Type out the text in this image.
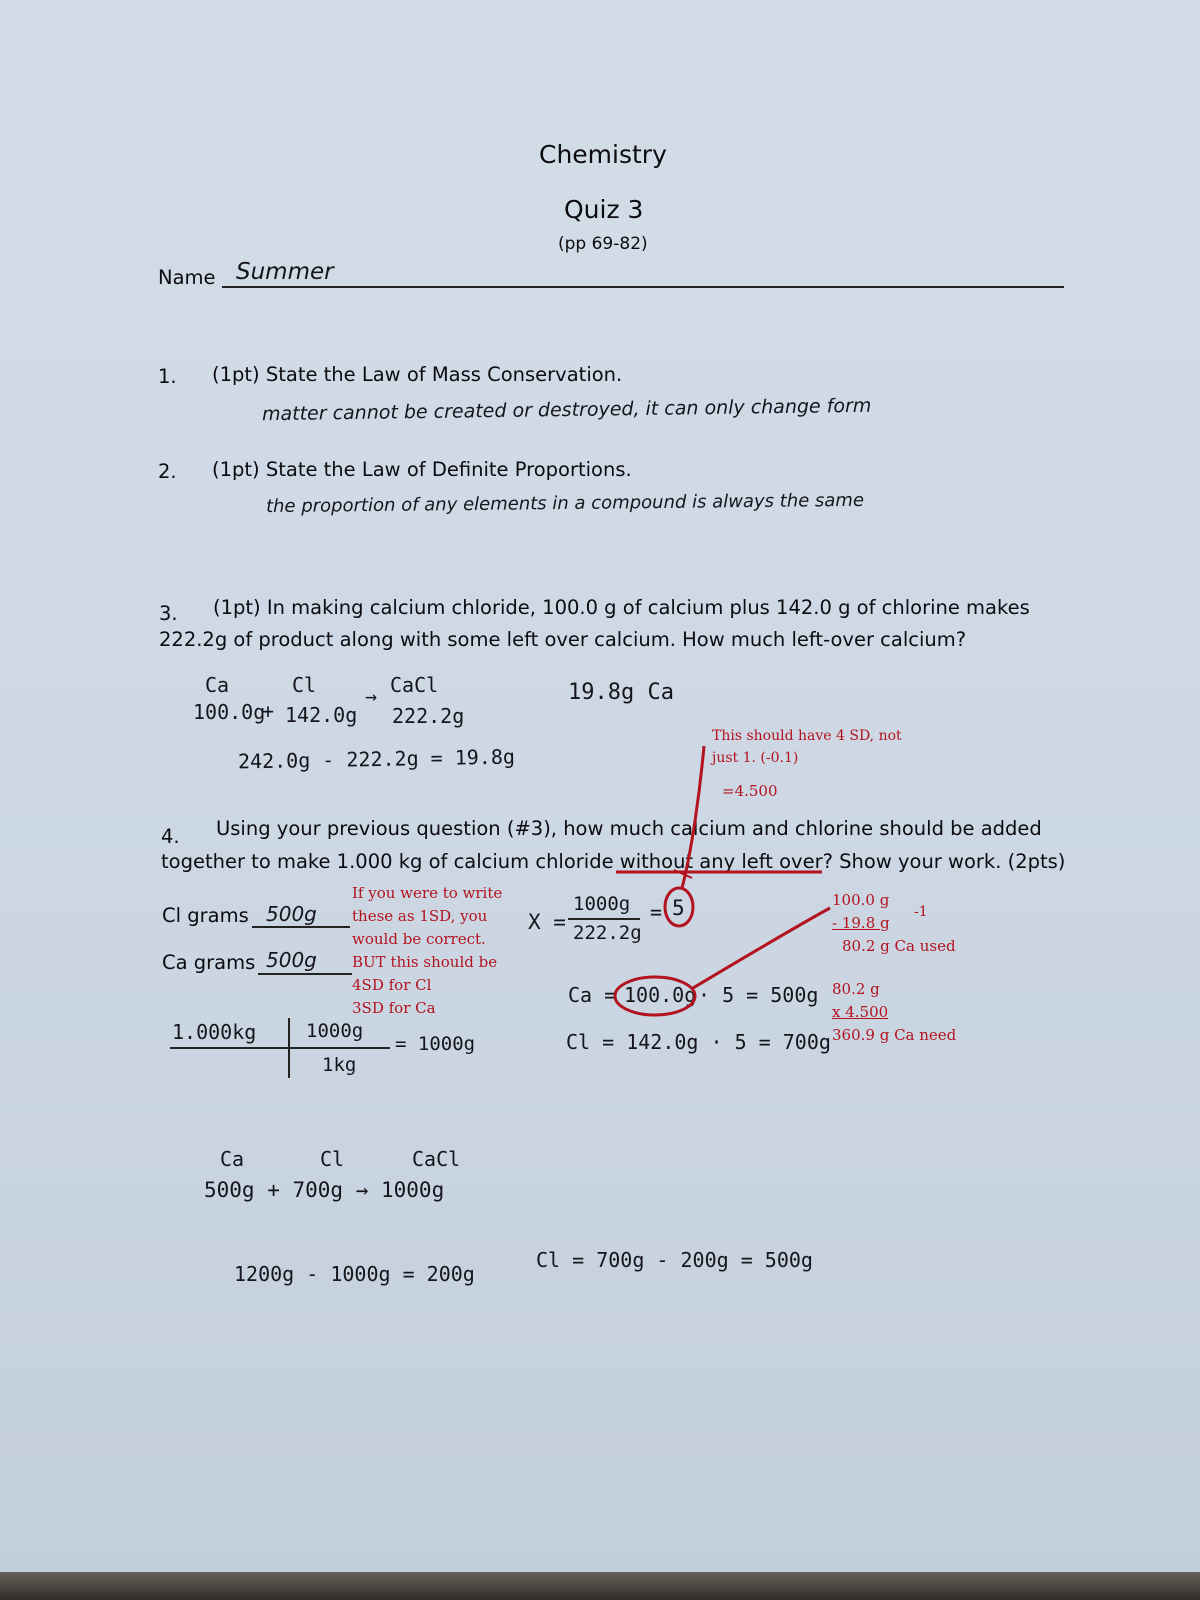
Chemistry
Quiz 3
(pp 69-82)
Name Summer
1. (1pt) State the Law of Mass Conservation.
matter cannot be created or destroyed, it can only change form
2. (1pt) State the Law of Definite Proportions.
the proportion of any elements in a compound is always the same
3. (1pt) In making calcium chloride, 100.0 g of calcium plus 142.0 g of chlorine makes
222.2g of product along with some left over calcium. How much left-over calcium?
Ca	Cl	CaCl
100.0g
+ 142.0g
→
222.2g
242.0g - 222.2g = 19.8g
19.8g Ca
4. Using your previous question (#3), how much calcium and chlorine should be added
together to make 1.000 kg of calcium chloride without any left over? Show your work. (2pts)
Cl grams 500g
Ca grams 500g
1.000kg	1000g
1kg
= 1000g
X =
1000g
222.2g
= 5
Ca = 100.0g · 5 = 500g
Cl = 142.0g · 5 = 700g
Ca	Cl	CaCl
500g + 700g → 1000g
1200g - 1000g = 200g
Cl = 700g - 200g = 500g
This should have 4 SD, not
just 1. (-0.1)
=4.500
If you were to write
these as 1SD, you
would be correct.
BUT this should be
4SD for Cl
3SD for Ca
100.0 g
- 19.8 g
80.2 g Ca used
-1
80.2 g
x 4.500
360.9 g Ca need
